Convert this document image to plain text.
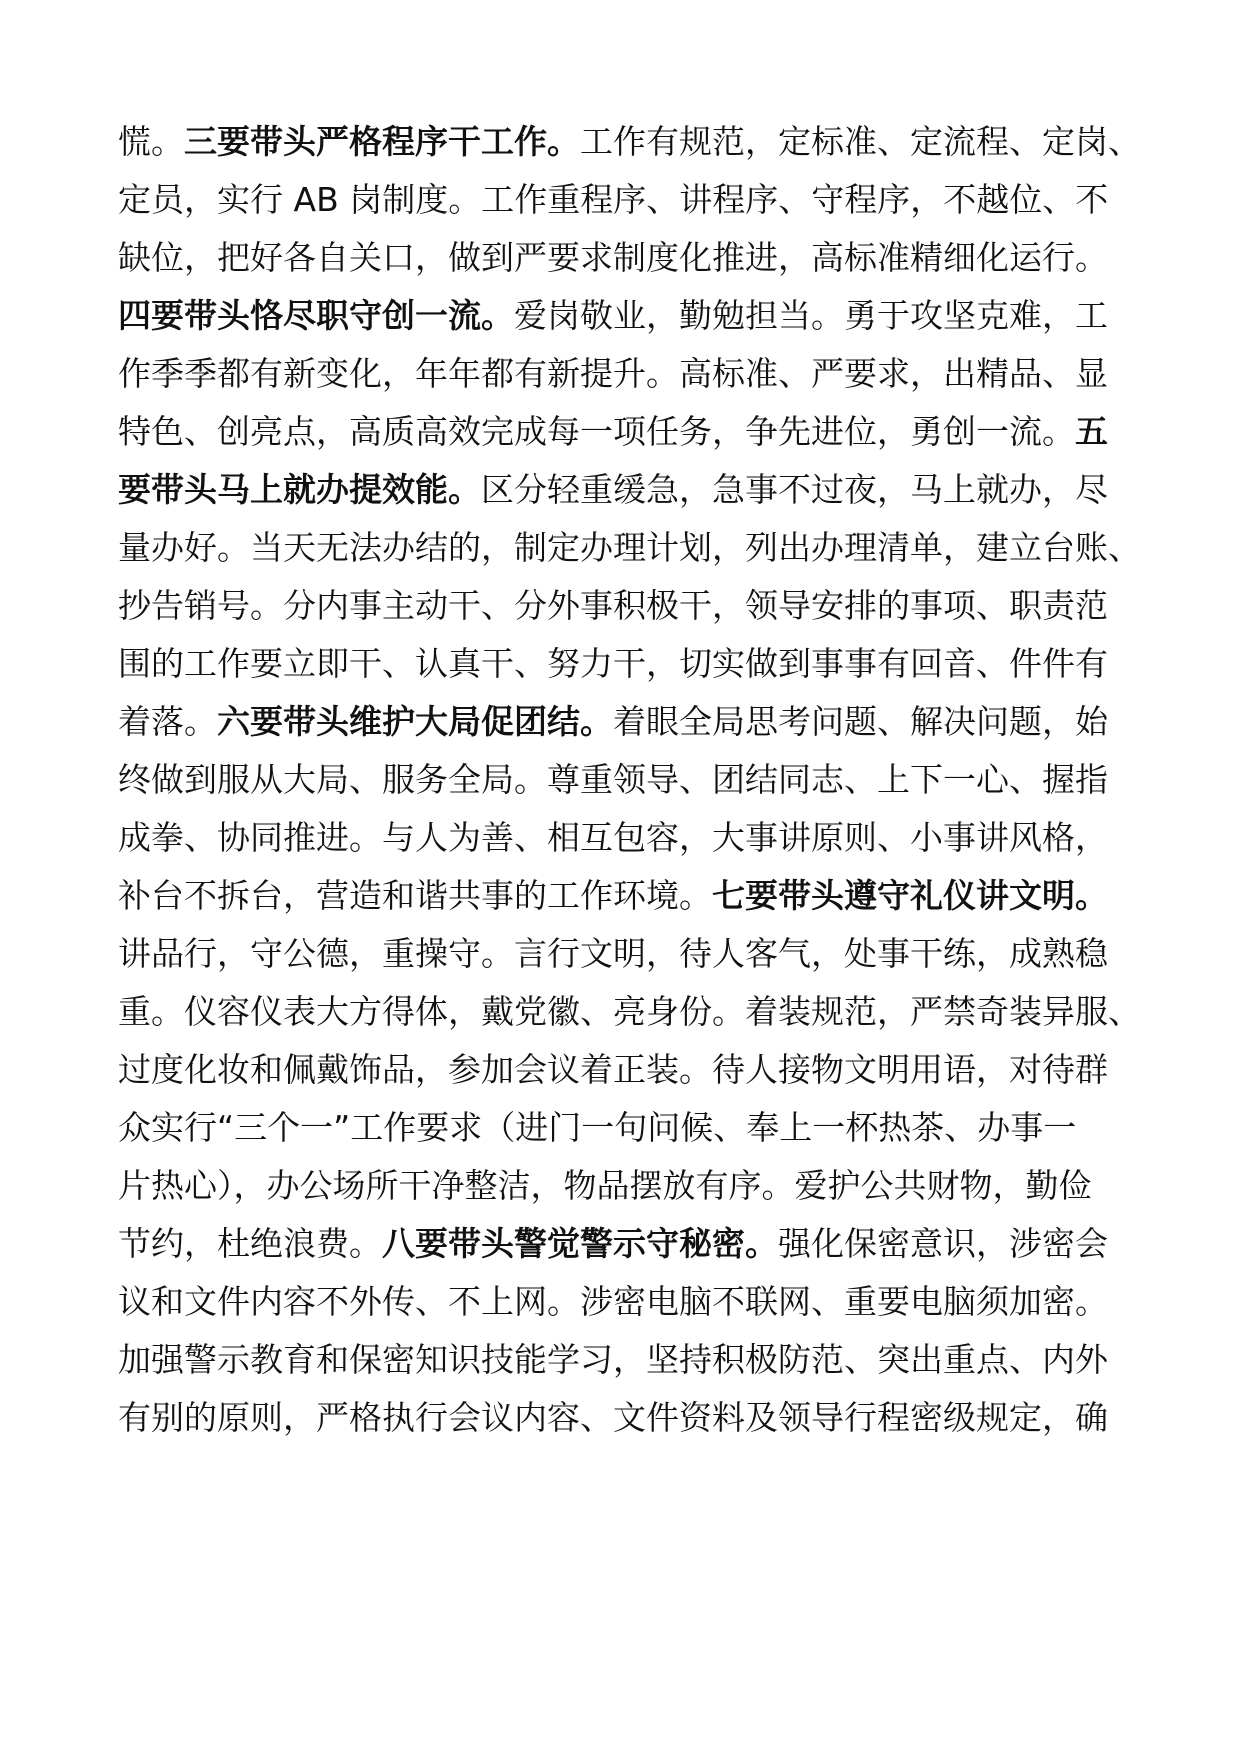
慌。三要带头严格程序干工作。工作有规范，定标准、定流程、定岗、
定员，实行 AB 岗制度。工作重程序、讲程序、守程序，不越位、不
缺位，把好各自关口，做到严要求制度化推进，高标准精细化运行。
四要带头恪尽职守创一流。爱岗敬业，勤勉担当。勇于攻坚克难，工
作季季都有新变化，年年都有新提升。高标准、严要求，出精品、显
特色、创亮点，高质高效完成每一项任务，争先进位，勇创一流。五
要带头马上就办提效能。区分轻重缓急，急事不过夜，马上就办，尽
量办好。当天无法办结的，制定办理计划，列出办理清单，建立台账、
抄告销号。分内事主动干、分外事积极干，领导安排的事项、职责范
围的工作要立即干、认真干、努力干，切实做到事事有回音、件件有
着落。六要带头维护大局促团结。着眼全局思考问题、解决问题，始
终做到服从大局、服务全局。尊重领导、团结同志、上下一心、握指
成拳、协同推进。与人为善、相互包容，大事讲原则、小事讲风格，
补台不拆台，营造和谐共事的工作环境。七要带头遵守礼仪讲文明。
讲品行，守公德，重操守。言行文明，待人客气，处事干练，成熟稳
重。仪容仪表大方得体，戴党徽、亮身份。着装规范，严禁奇装异服、
过度化妆和佩戴饰品，参加会议着正装。待人接物文明用语，对待群
众实行“三个一”工作要求（进门一句问候、奉上一杯热茶、办事一
片热心），办公场所干净整洁，物品摆放有序。爱护公共财物，勤俭
节约，杜绝浪费。八要带头警觉警示守秘密。强化保密意识，涉密会
议和文件内容不外传、不上网。涉密电脑不联网、重要电脑须加密。
加强警示教育和保密知识技能学习，坚持积极防范、突出重点、内外
有别的原则，严格执行会议内容、文件资料及领导行程密级规定，确
